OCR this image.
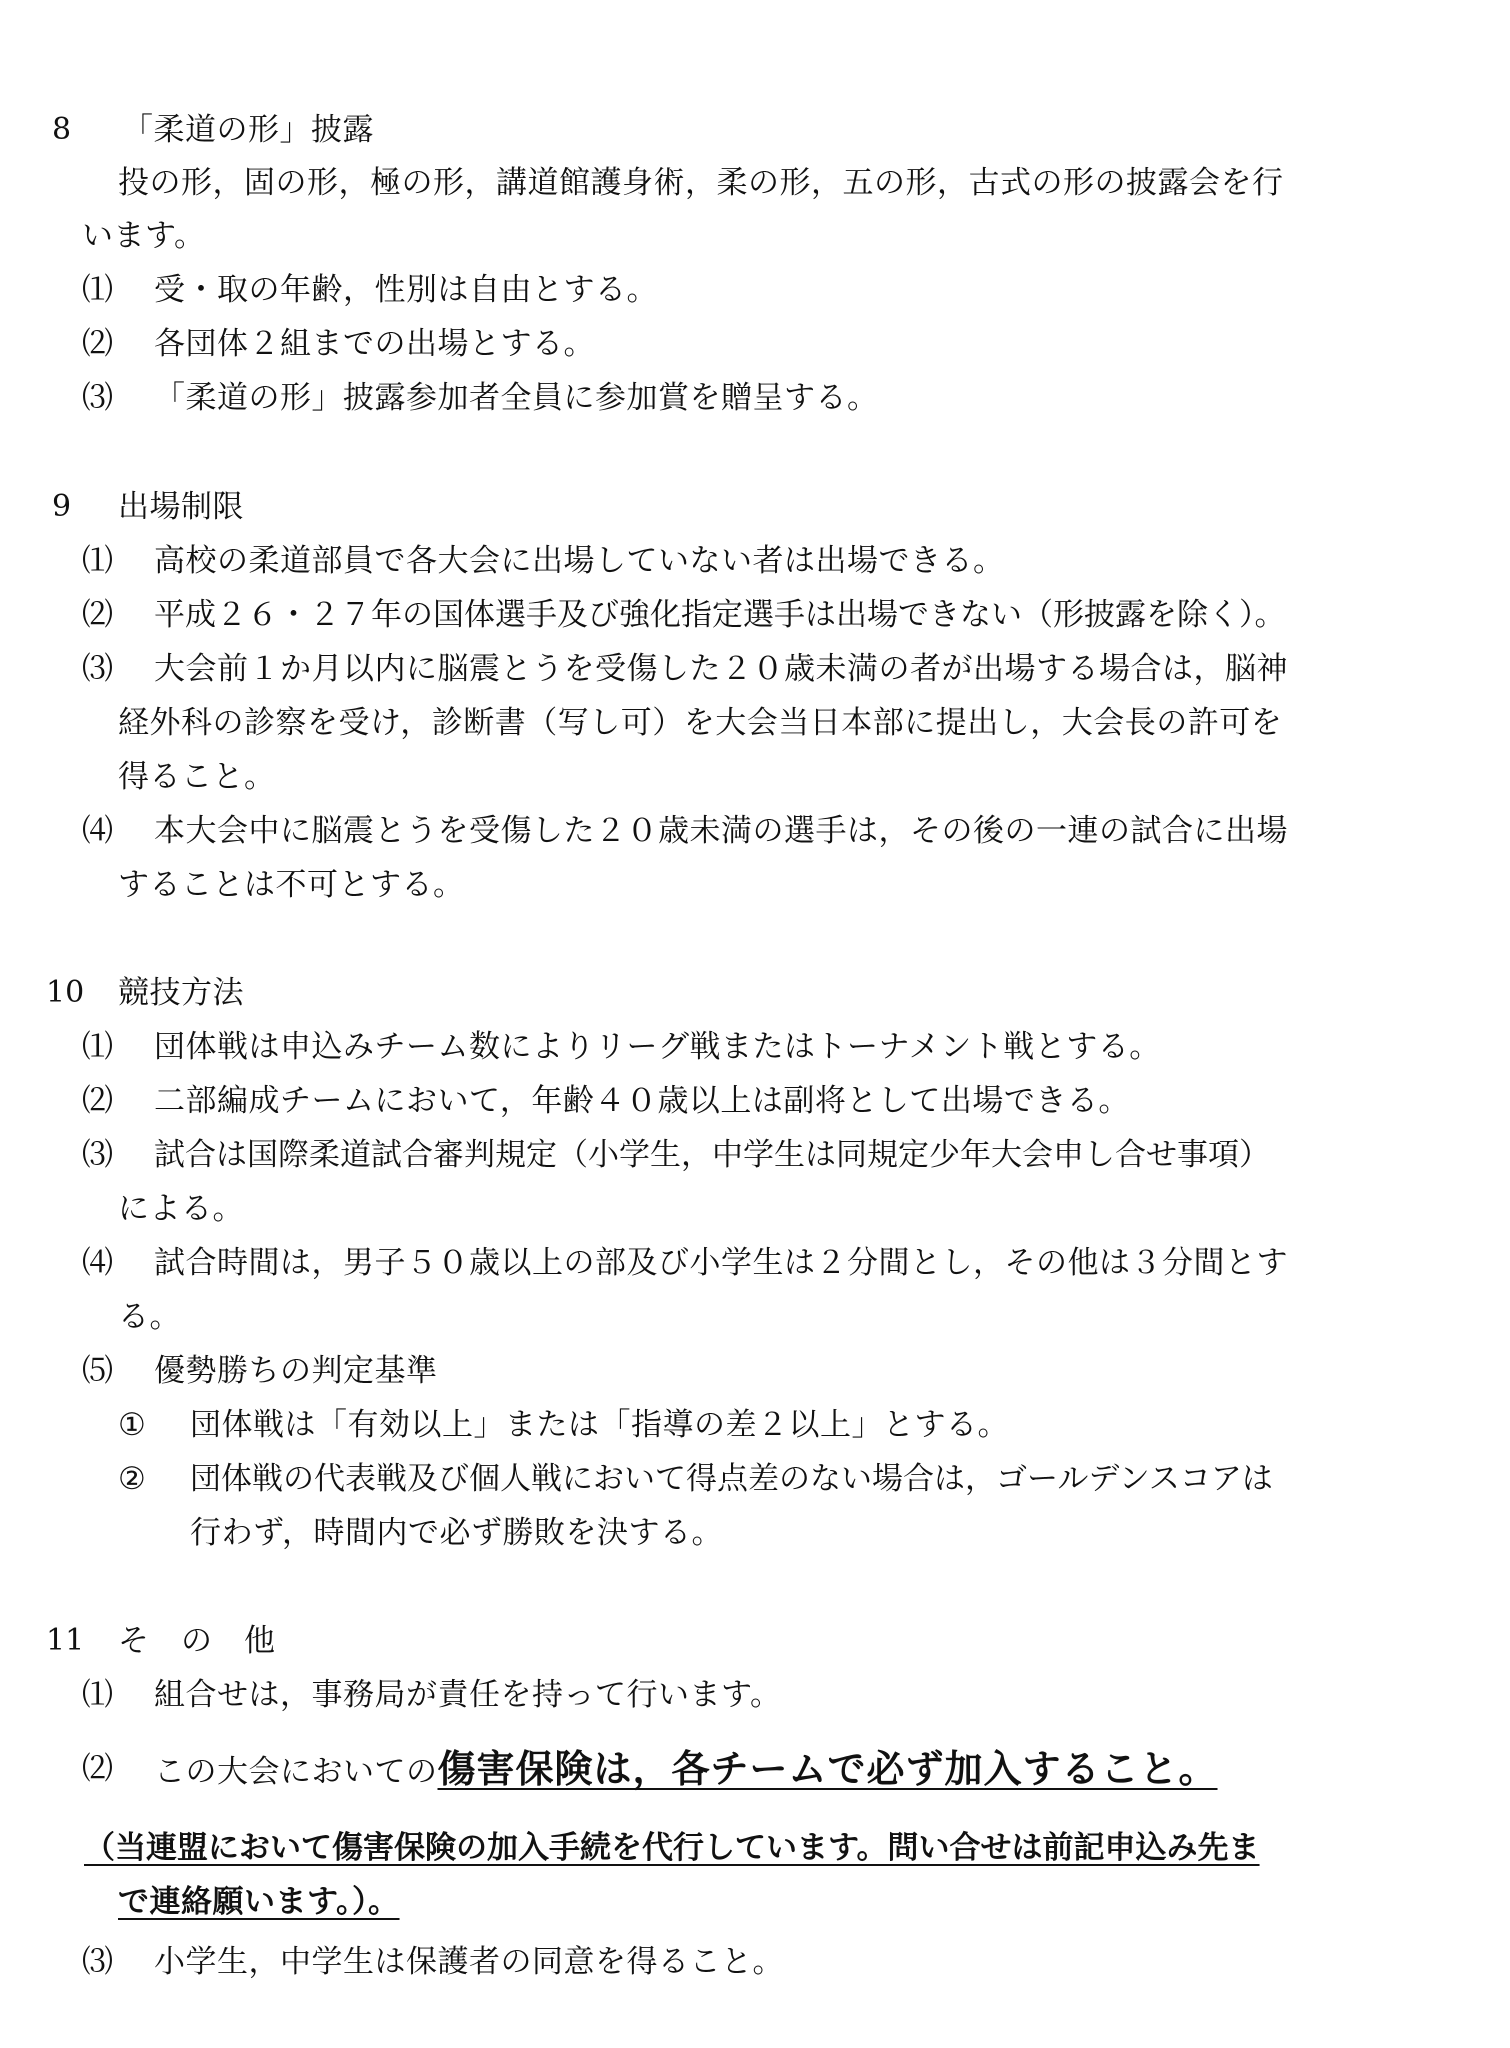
8 「柔道の形」披露
投の形，固の形，極の形，講道館護身術，柔の形，五の形，古式の形の披露会を行
います。
⑴ 受・取の年齢，性別は自由とする。
⑵ 各団体２組までの出場とする。
⑶ 「柔道の形」披露参加者全員に参加賞を贈呈する。
9 出場制限
⑴ 高校の柔道部員で各大会に出場していない者は出場できる。
⑵ 平成２６・２７年の国体選手及び強化指定選手は出場できない（形披露を除く）。
⑶ 大会前１か月以内に脳震とうを受傷した２０歳未満の者が出場する場合は，脳神
経外科の診察を受け，診断書（写し可）を大会当日本部に提出し，大会長の許可を
得ること。
⑷ 本大会中に脳震とうを受傷した２０歳未満の選手は，その後の一連の試合に出場
することは不可とする。
10 競技方法
⑴ 団体戦は申込みチーム数によりリーグ戦またはトーナメント戦とする。
⑵ 二部編成チームにおいて，年齢４０歳以上は副将として出場できる。
⑶ 試合は国際柔道試合審判規定（小学生，中学生は同規定少年大会申し合せ事項）
による。
⑷ 試合時間は，男子５０歳以上の部及び小学生は２分間とし，その他は３分間とす
る。
⑸ 優勢勝ちの判定基準
① 団体戦は「有効以上」または「指導の差２以上」とする。
② 団体戦の代表戦及び個人戦において得点差のない場合は，ゴールデンスコアは
行わず，時間内で必ず勝敗を決する。
11 そ　の　他
⑴ 組合せは，事務局が責任を持って行います。
⑵ この大会においての傷害保険は，各チームで必ず加入すること。
（当連盟において傷害保険の加入手続を代行しています。問い合せは前記申込み先ま
で連絡願います。）。
⑶ 小学生，中学生は保護者の同意を得ること。
